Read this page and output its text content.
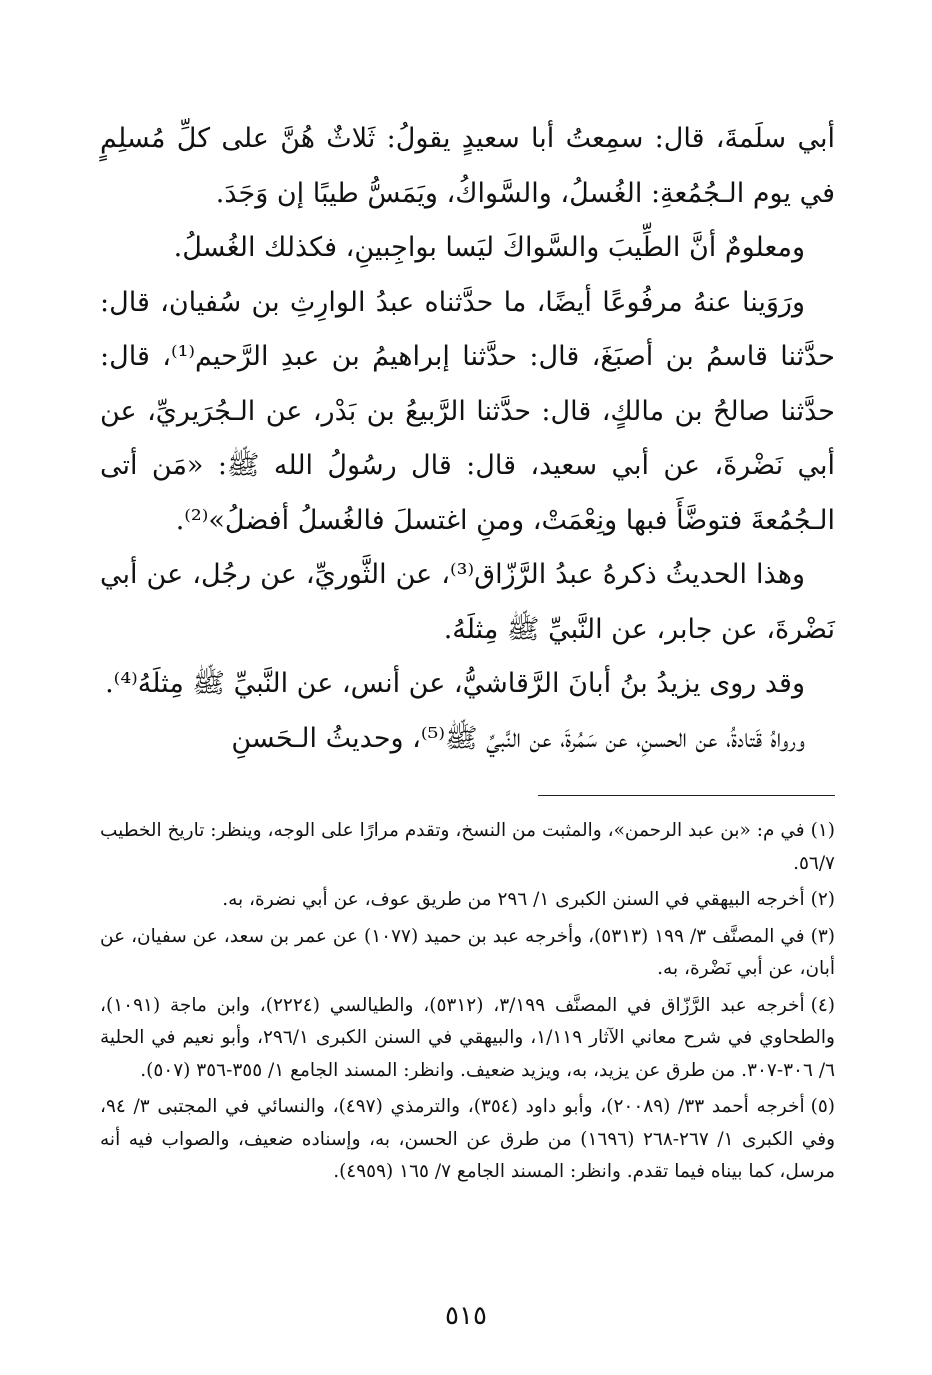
أبي سلَمةَ، قال: سمِعتُ أبا سعيدٍ يقولُ: ثَلاثٌ هُنَّ على كلِّ مُسلِمٍ في يوم الـجُمُعةِ: الغُسلُ، والسَّواكُ، ويَمَسُّ طيبًا إن وَجَدَ.

ومعلومٌ أنَّ الطِّيبَ والسَّواكَ ليَسا بواجِبينِ، فكذلك الغُسلُ.

ورَوَينا عنهُ مرفُوعًا أيضًا، ما حدَّثناه عبدُ الوارِثِ بن سُفيان، قال: حدَّثنا قاسمُ بن أصبَغَ، قال: حدَّثنا إبراهيمُ بن عبدِ الرَّحيم⁽¹⁾، قال: حدَّثنا صالحُ بن مالكٍ، قال: حدَّثنا الرَّبيعُ بن بَدْر، عن الـجُرَيريِّ، عن أبي نَضْرةَ، عن أبي سعيد، قال: قال رسُولُ الله ﷺ: «مَن أتى الـجُمُعةَ فتوضَّأَ فبها ونِعْمَتْ، ومنِ اغتسلَ فالغُسلُ أفضلُ»⁽²⁾.

وهذا الحديثُ ذكرهُ عبدُ الرَّزّاق⁽³⁾، عن الثَّوريِّ، عن رجُل، عن أبي نَضْرةَ، عن جابر، عن النَّبيِّ ﷺ مِثلَهُ.

وقد روى يزيدُ بنُ أبانَ الرَّقاشيُّ، عن أنس، عن النَّبيِّ ﷺ مِثلَهُ⁽⁴⁾.

ورواهُ قَتادةُ، عن الحسنِ، عن سَمُرةَ، عن النَّبيِّ ﷺ⁽⁵⁾، وحديثُ الـحَسنِ

(١)في م: «بن عبد الرحمن»، والمثبت من النسخ، وتقدم مرارًا على الوجه، وينظر: تاريخ الخطيب ٥٦/٧.

(٢)أخرجه البيهقي في السنن الكبرى ١/ ٢٩٦ من طريق عوف، عن أبي نضرة، به.

(٣)في المصنَّف ٣/ ١٩٩ (٥٣١٣)، وأخرجه عبد بن حميد (١٠٧٧) عن عمر بن سعد، عن سفيان، عن أبان، عن أبي نَضْرة، به.

(٤)أخرجه عبد الرَّزّاق في المصنَّف ٣/١٩٩، (٥٣١٢)، والطيالسي (٢٢٢٤)، وابن ماجة (١٠٩١)، والطحاوي في شرح معاني الآثار ١/١١٩، والبيهقي في السنن الكبرى ٢٩٦/١، وأبو نعيم في الحلية ٦/ ٣٠٦-٣٠٧. من طرق عن يزيد، به، ويزيد ضعيف. وانظر: المسند الجامع ١/ ٣٥٥-٣٥٦ (٥٠٧).

(٥)أخرجه أحمد ٣٣/ (٢٠٠٨٩)، وأبو داود (٣٥٤)، والترمذي (٤٩٧)، والنسائي في المجتبى ٣/ ٩٤، وفي الكبرى ١/ ٢٦٧-٢٦٨ (١٦٩٦) من طرق عن الحسن، به، وإسناده ضعيف، والصواب فيه أنه مرسل، كما بيناه فيما تقدم. وانظر: المسند الجامع ٧/ ١٦٥ (٤٩٥٩).

٥١٥
